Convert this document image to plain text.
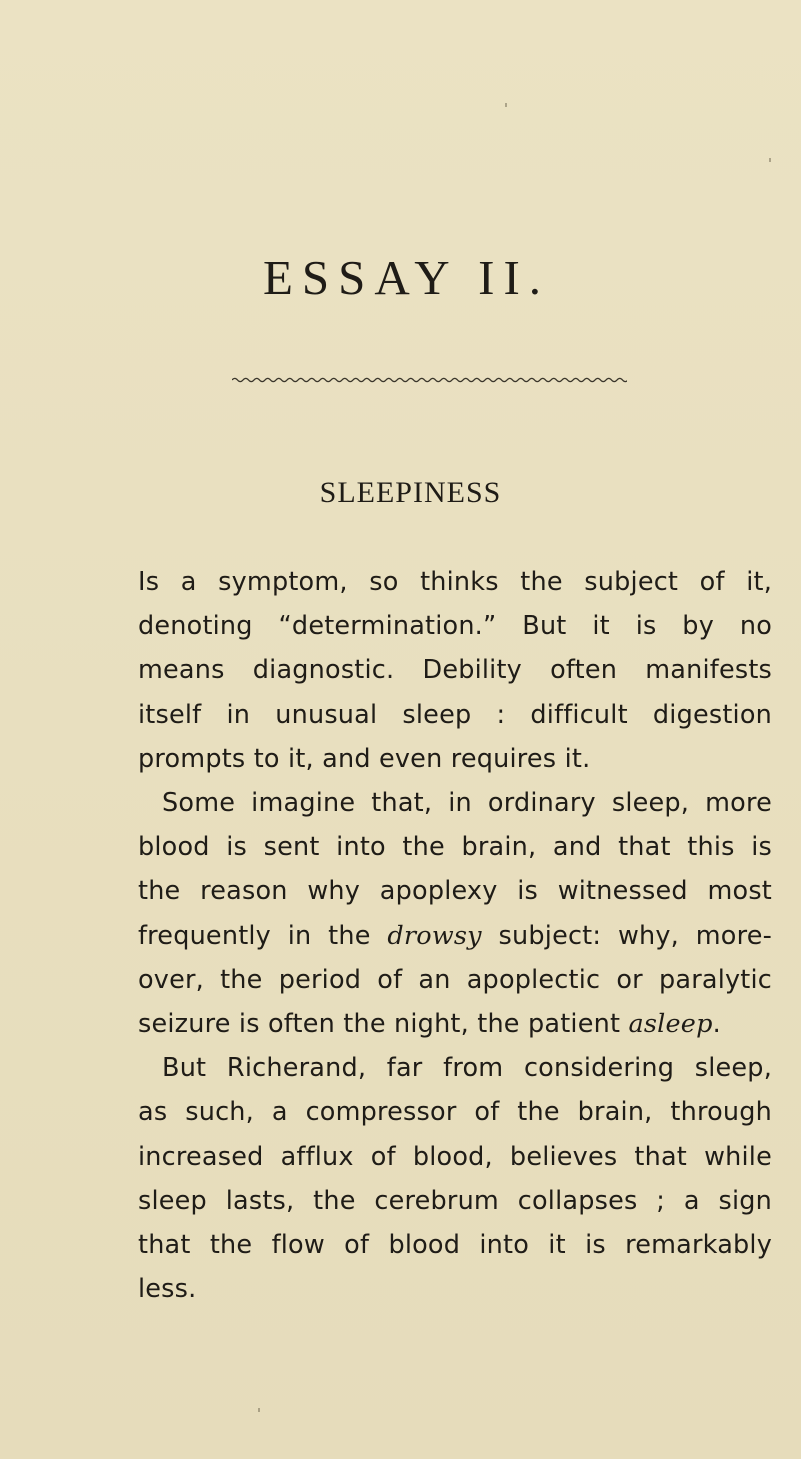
ESSAY II.
SLEEPINESS
Is a symptom, so thinks the subject of it,
denoting “determination.” But it is by no
means diagnostic. Debility often manifests
itself in unusual sleep : difficult digestion
prompts to it, and even requires it.
Some imagine that, in ordinary sleep, more
blood is sent into the brain, and that this is
the reason why apoplexy is witnessed most
frequently in the drowsy subject: why, more-
over, the period of an apoplectic or paralytic
seizure is often the night, the patient asleep.
But Richerand, far from considering sleep,
as such, a compressor of the brain, through
increased afflux of blood, believes that while
sleep lasts, the cerebrum collapses ; a sign
that the flow of blood into it is remarkably
less.
